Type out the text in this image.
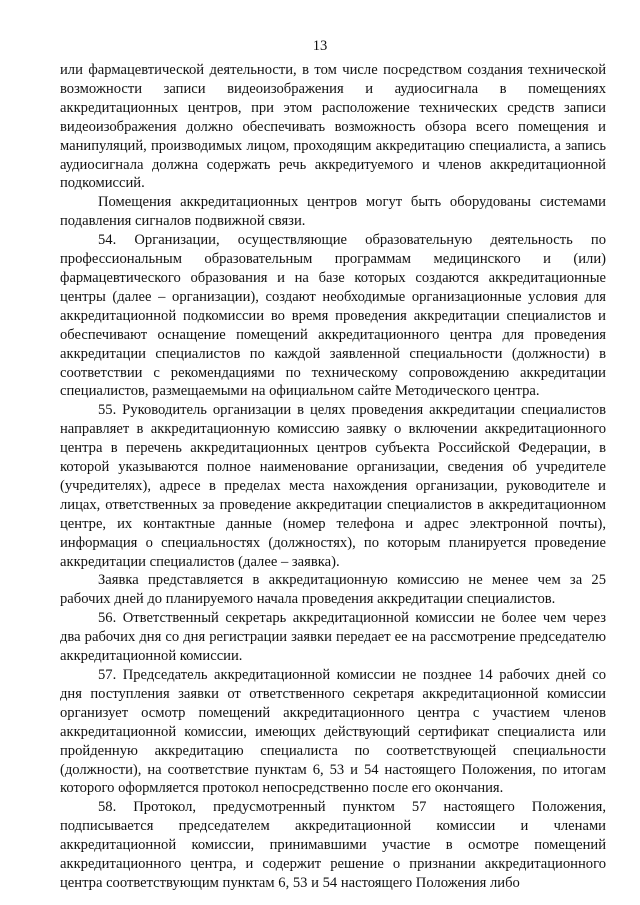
13

или фармацевтической деятельности, в том числе посредством создания технической возможности записи видеоизображения и аудиосигнала в помещениях аккредитационных центров, при этом расположение технических средств записи видеоизображения должно обеспечивать возможность обзора всего помещения и манипуляций, производимых лицом, проходящим аккредитацию специалиста, а запись аудиосигнала должна содержать речь аккредитуемого и членов аккредитационной подкомиссий.

Помещения аккредитационных центров могут быть оборудованы системами подавления сигналов подвижной связи.

54. Организации, осуществляющие образовательную деятельность по профессиональным образовательным программам медицинского и (или) фармацевтического образования и на базе которых создаются аккредитационные центры (далее – организации), создают необходимые организационные условия для аккредитационной подкомиссии во время проведения аккредитации специалистов и обеспечивают оснащение помещений аккредитационного центра для проведения аккредитации специалистов по каждой заявленной специальности (должности) в соответствии с рекомендациями по техническому сопровождению аккредитации специалистов, размещаемыми на официальном сайте Методического центра.

55. Руководитель организации в целях проведения аккредитации специалистов направляет в аккредитационную комиссию заявку о включении аккредитационного центра в перечень аккредитационных центров субъекта Российской Федерации, в которой указываются полное наименование организации, сведения об учредителе (учредителях), адресе в пределах места нахождения организации, руководителе и лицах, ответственных за проведение аккредитации специалистов в аккредитационном центре, их контактные данные (номер телефона и адрес электронной почты), информация о специальностях (должностях), по которым планируется проведение аккредитации специалистов (далее – заявка).

Заявка представляется в аккредитационную комиссию не менее чем за 25 рабочих дней до планируемого начала проведения аккредитации специалистов.

56. Ответственный секретарь аккредитационной комиссии не более чем через два рабочих дня со дня регистрации заявки передает ее на рассмотрение председателю аккредитационной комиссии.

57. Председатель аккредитационной комиссии не позднее 14 рабочих дней со дня поступления заявки от ответственного секретаря аккредитационной комиссии организует осмотр помещений аккредитационного центра с участием членов аккредитационной комиссии, имеющих действующий сертификат специалиста или пройденную аккредитацию специалиста по соответствующей специальности (должности), на соответствие пунктам 6, 53 и 54 настоящего Положения, по итогам которого оформляется протокол непосредственно после его окончания.

58. Протокол, предусмотренный пунктом 57 настоящего Положения, подписывается председателем аккредитационной комиссии и членами аккредитационной комиссии, принимавшими участие в осмотре помещений аккредитационного центра, и содержит решение о признании аккредитационного центра соответствующим пунктам 6, 53 и 54 настоящего Положения либо
